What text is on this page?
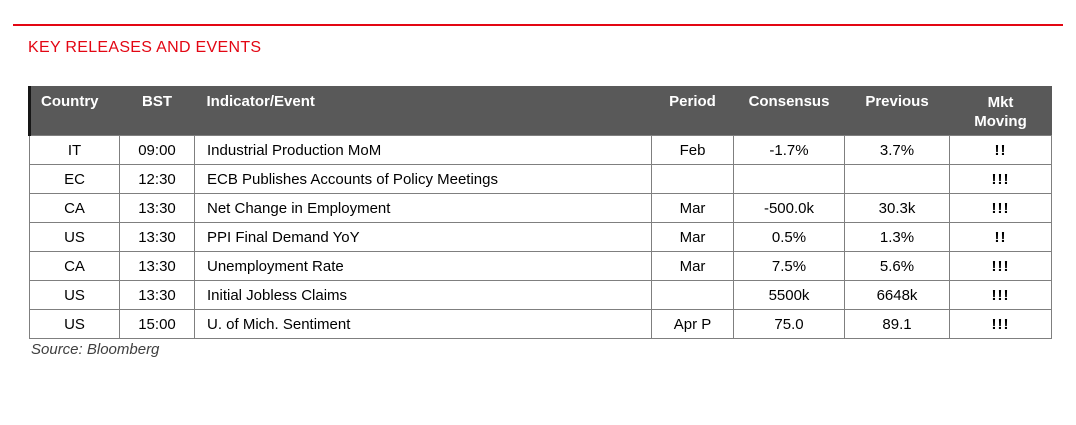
KEY RELEASES AND EVENTS
Country	BST	Indicator/Event	Period	Consensus	Previous	Mkt Moving

IT	09:00	Industrial Production MoM	Feb	-1.7%	3.7%	!!
EC	12:30	ECB Publishes Accounts of Policy Meetings				!!!
CA	13:30	Net Change in Employment	Mar	-500.0k	30.3k	!!!
US	13:30	PPI Final Demand YoY	Mar	0.5%	1.3%	!!
CA	13:30	Unemployment Rate	Mar	7.5%	5.6%	!!!
US	13:30	Initial Jobless Claims		5500k	6648k	!!!
US	15:00	U. of Mich. Sentiment	Apr P	75.0	89.1	!!!
Source: Bloomberg
